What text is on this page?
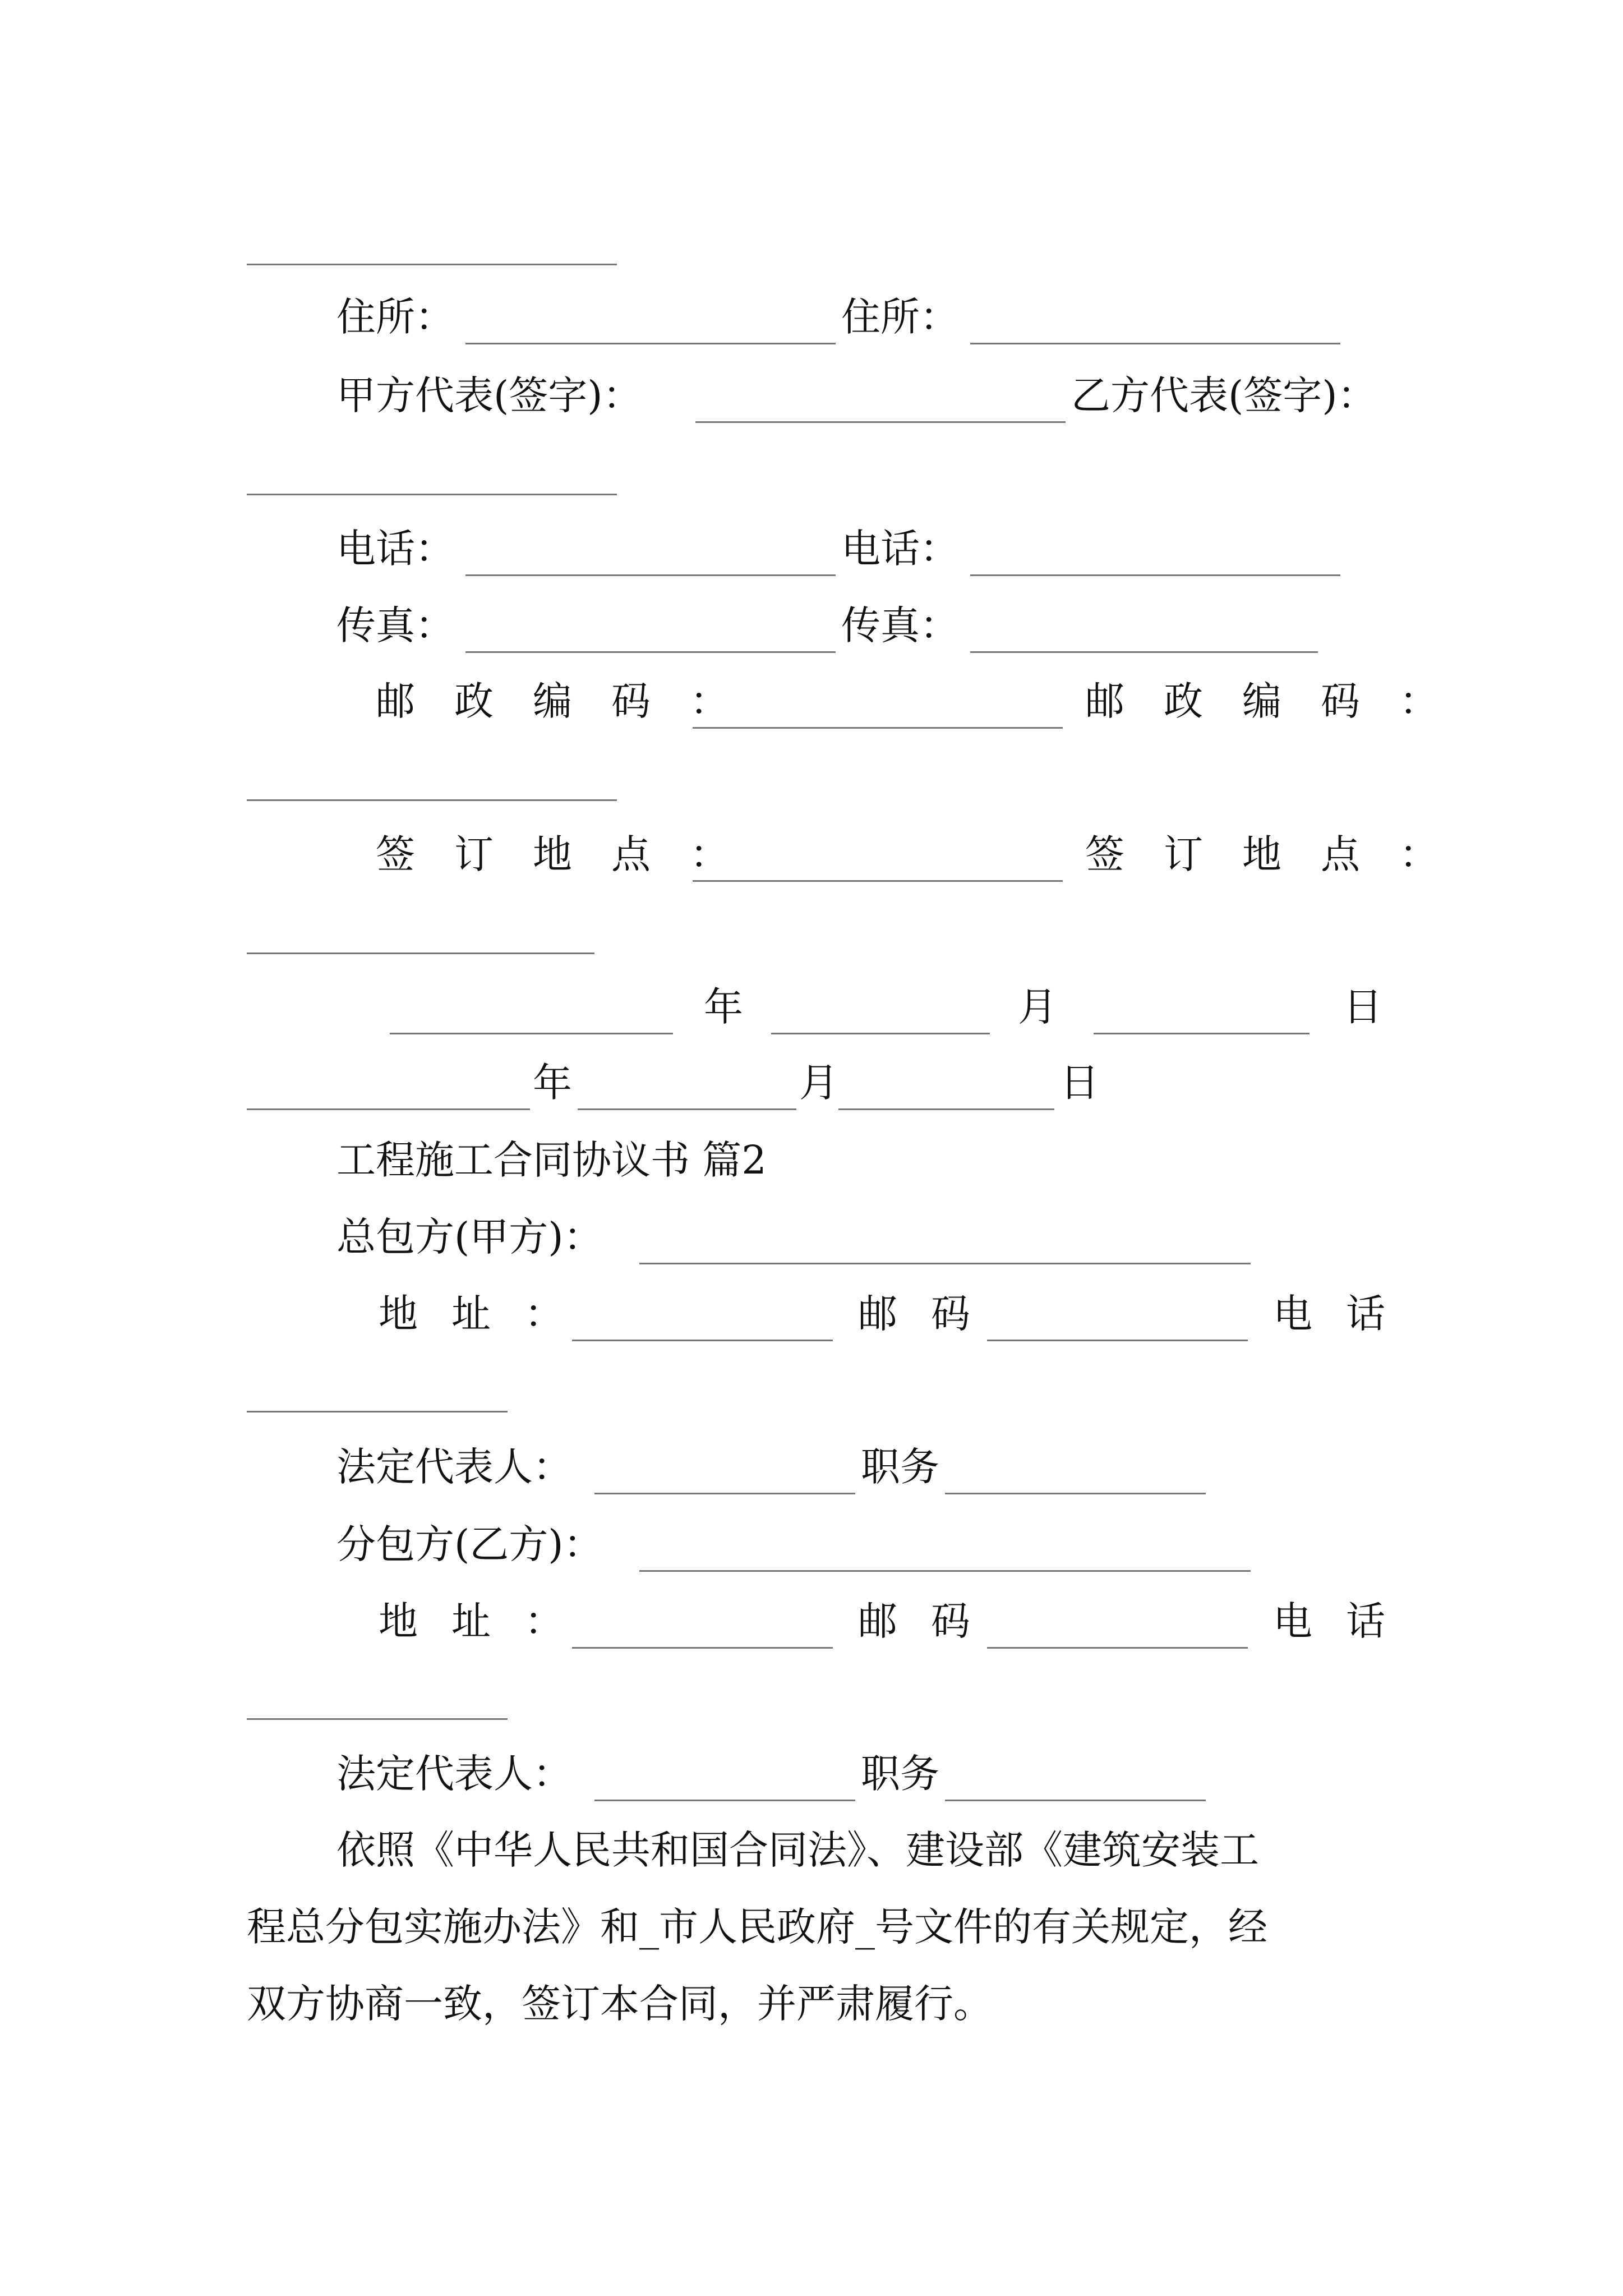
住所：	住所：
甲方代表(签字)：	乙方代表(签字)：
电话：	电话：
传真：	传真：
邮政编码：	邮政编码：
签订地点：	签订地点：
年	月	日
年	月	日
工程施工合同协议书 篇2
总包方(甲方)：
地址：	邮码	电话
法定代表人：	职务
分包方(乙方)：
地址：	邮码	电话
法定代表人：	职务
依照《中华人民共和国合同法》、建设部《建筑安装工
程总分包实施办法》和_市人民政府_号文件的有关规定，经
双方协商一致，签订本合同，并严肃履行。
